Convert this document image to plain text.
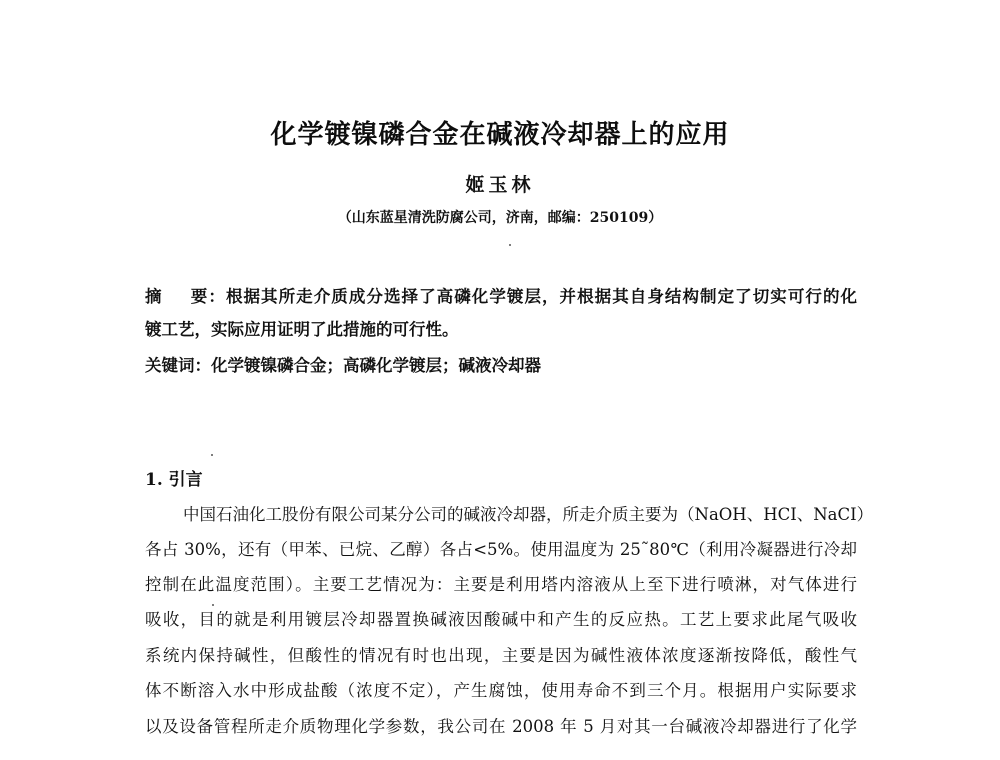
化学镀镍磷合金在碱液冷却器上的应用
姬玉林
（山东蓝星清洗防腐公司，济南，邮编：250109）
摘 要：根据其所走介质成分选择了高磷化学镀层，并根据其自身结构制定了切实可行的化
镀工艺，实际应用证明了此措施的可行性。
关键词：化学镀镍磷合金；高磷化学镀层；碱液冷却器
1. 引言
中国石油化工股份有限公司某分公司的碱液冷却器，所走介质主要为（NaOH、HCI、NaCI）
各占 30%，还有（甲苯、已烷、乙醇）各占<5%。使用温度为 25˜80℃（利用冷凝器进行冷却
控制在此温度范围）。主要工艺情况为：主要是利用塔内溶液从上至下进行喷淋，对气体进行
吸收，目的就是利用镀层冷却器置换碱液因酸碱中和产生的反应热。工艺上要求此尾气吸收
系统内保持碱性，但酸性的情况有时也出现，主要是因为碱性液体浓度逐渐按降低，酸性气
体不断溶入水中形成盐酸（浓度不定），产生腐蚀，使用寿命不到三个月。根据用户实际要求
以及设备管程所走介质物理化学参数，我公司在 2008 年 5 月对其一台碱液冷却器进行了化学
